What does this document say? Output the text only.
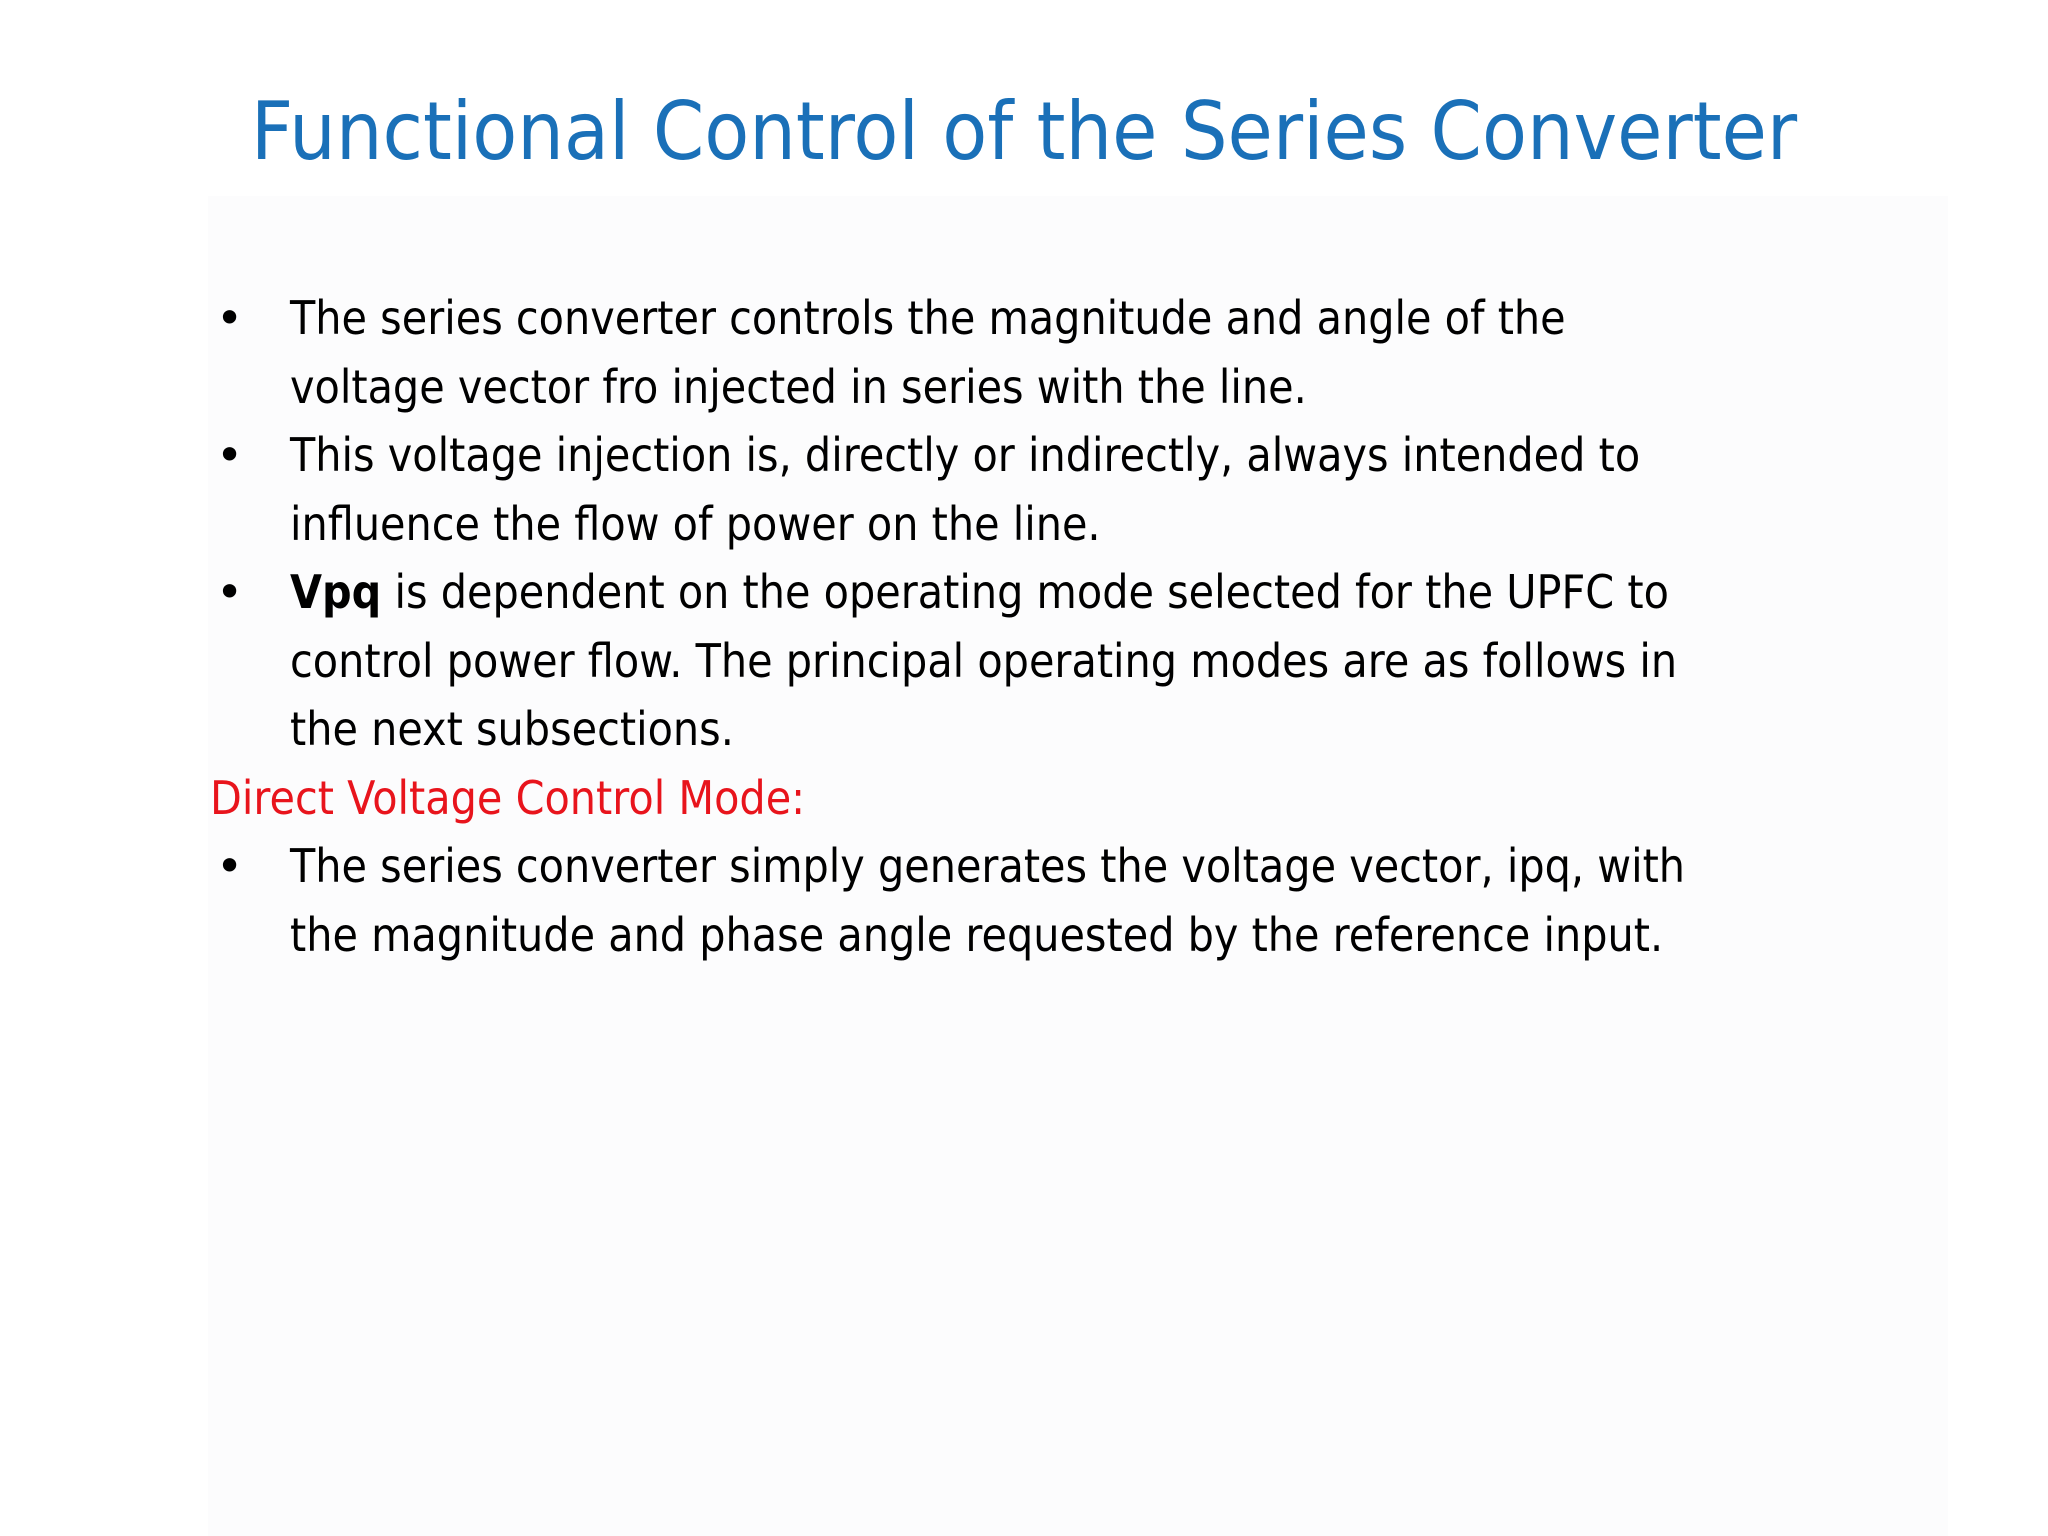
Functional Control of the Series Converter
• The series converter controls the magnitude and angle of the
voltage vector fro injected in series with the line.
• This voltage injection is, directly or indirectly, always intended to
influence the flow of power on the line.
• Vpq is dependent on the operating mode selected for the UPFC to
control power flow. The principal operating modes are as follows in
the next subsections.
Direct Voltage Control Mode:
• The series converter simply generates the voltage vector, ipq, with
the magnitude and phase angle requested by the reference input.
